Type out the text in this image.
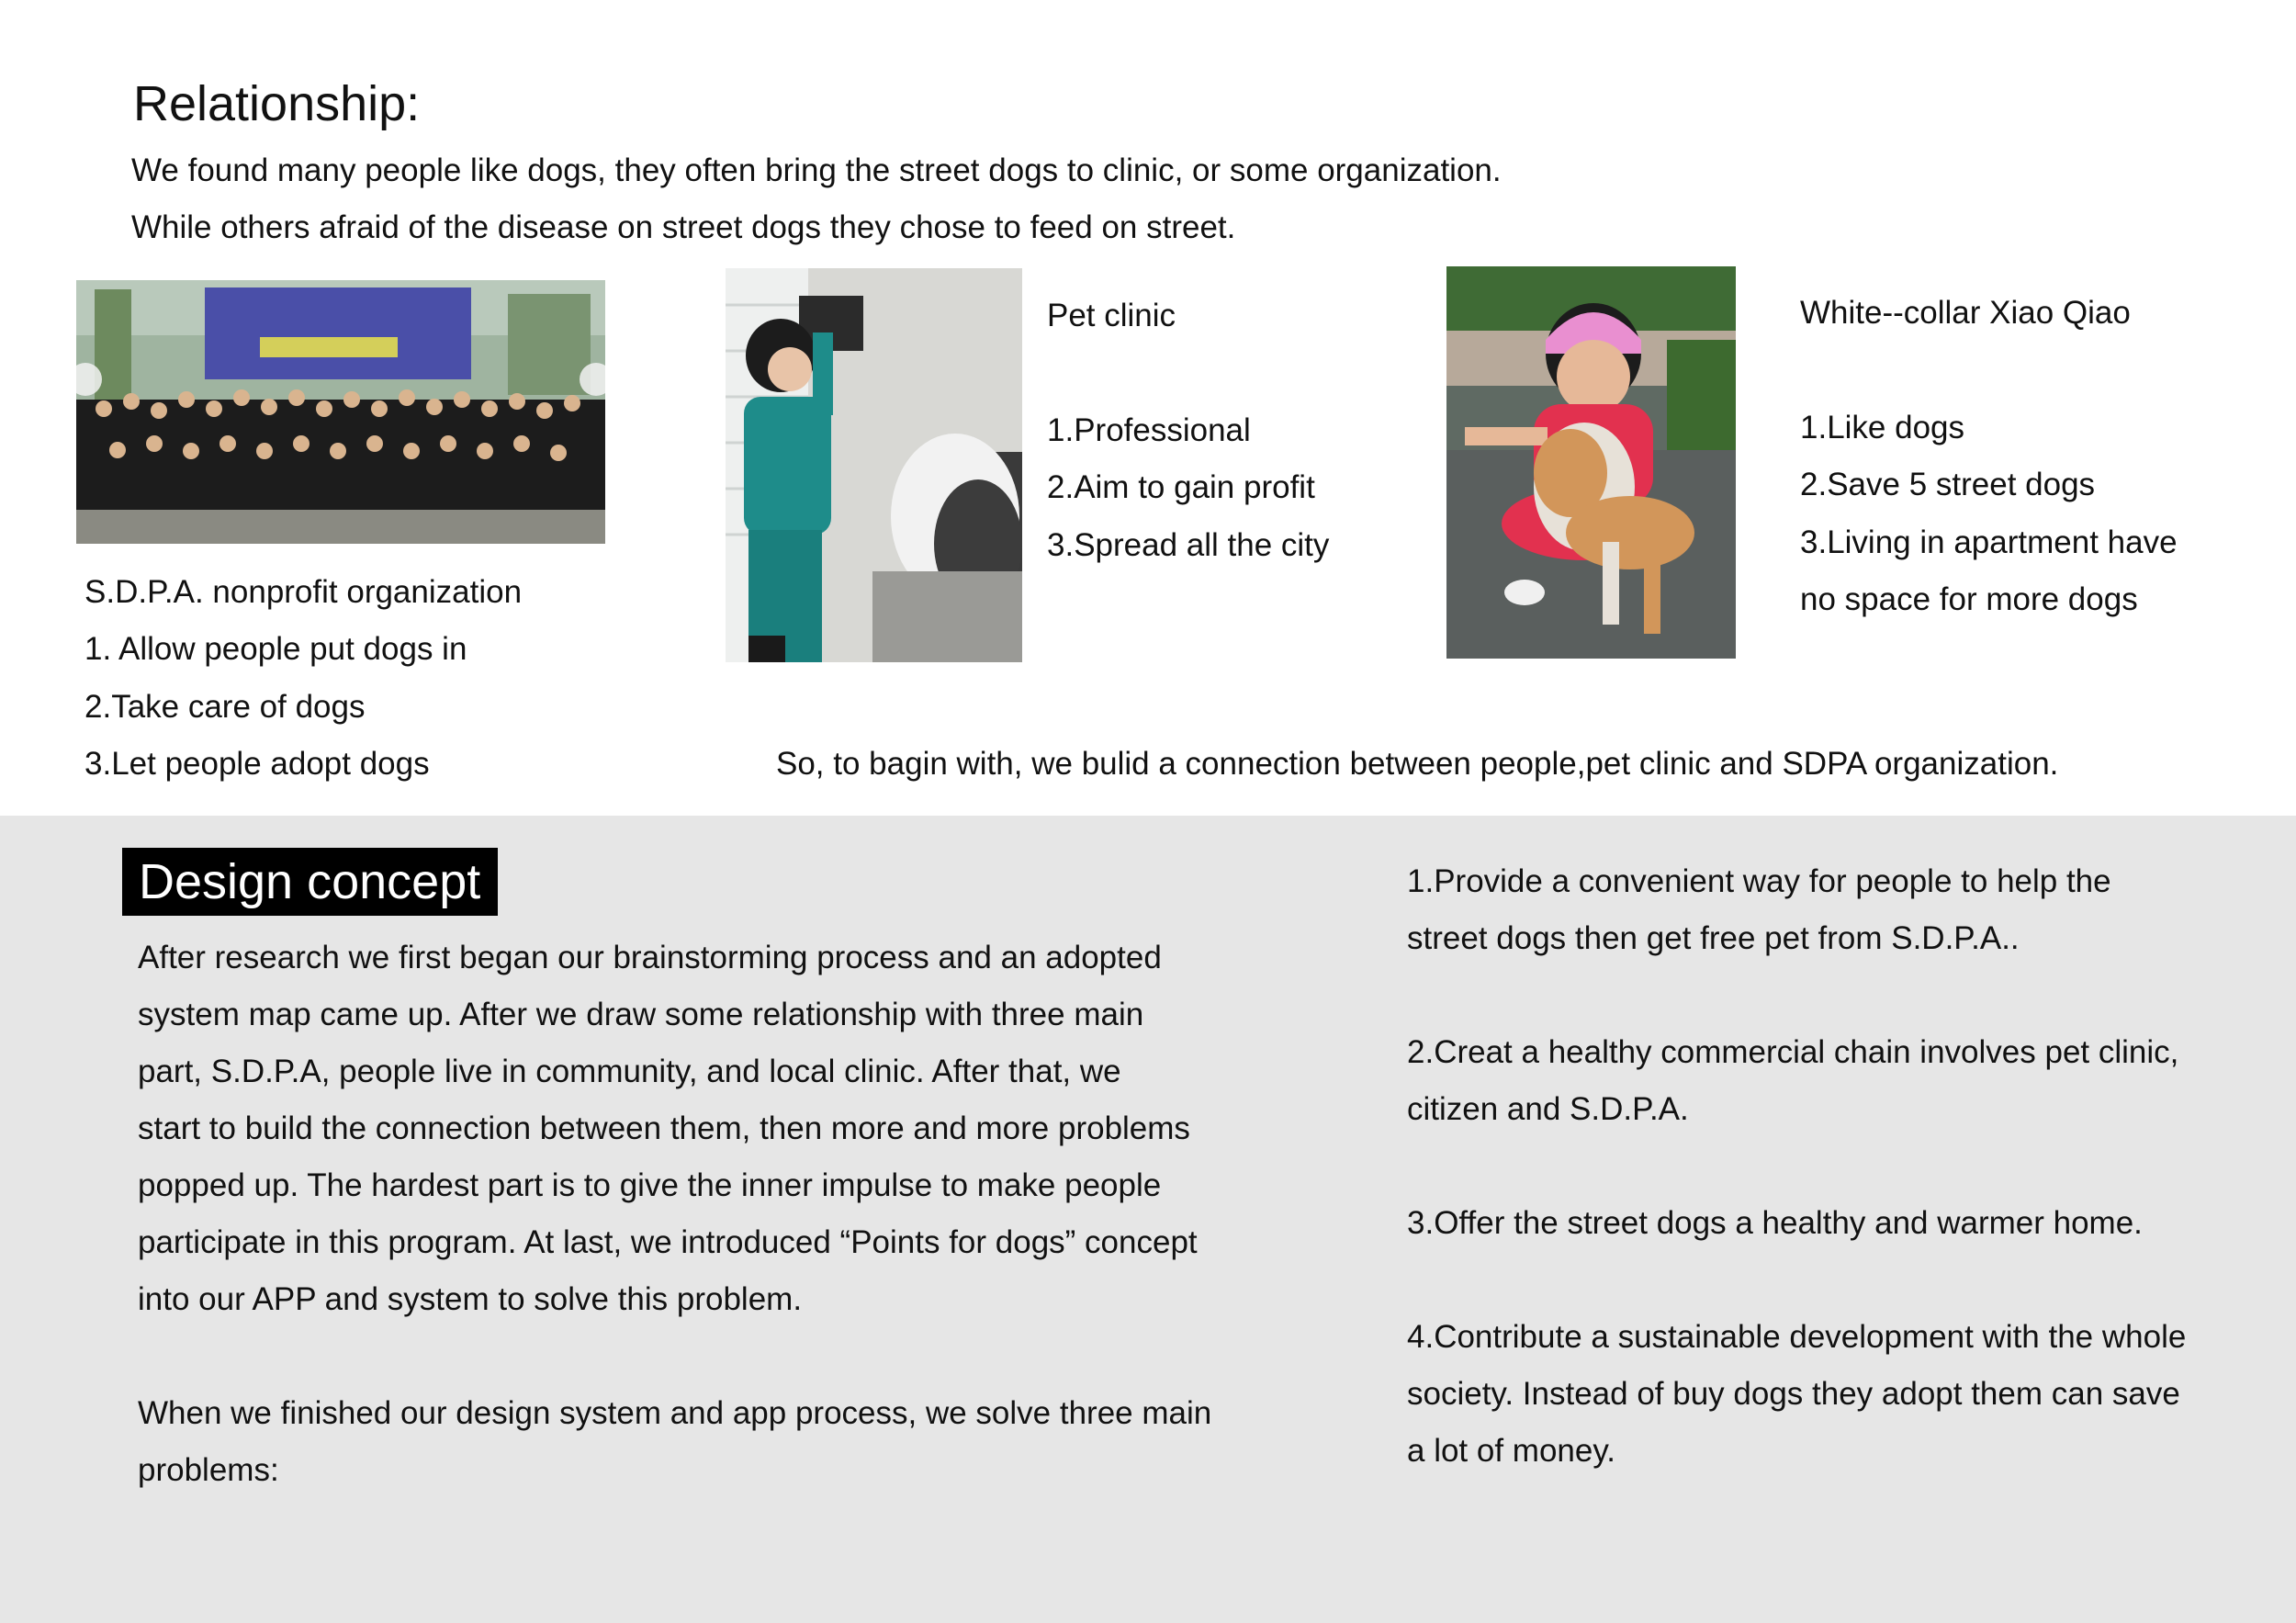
Relationship:
We found many people like dogs, they often bring the street dogs to clinic, or some organization.
While others afraid of the disease on street dogs they chose to feed on street.
S.D.P.A. nonprofit organization
1. Allow people put dogs in
2.Take care of dogs
3.Let people adopt dogs
Pet clinic
1.Professional
2.Aim to gain profit
3.Spread all the city
White--collar Xiao Qiao
1.Like dogs
2.Save 5 street dogs
3.Living in apartment have
no space for more dogs
So, to bagin with, we bulid a connection between people,pet clinic and SDPA organization.
Design concept
After research we first began our brainstorming process and an adopted
system map came up. After we draw some relationship with three main
part, S.D.P.A, people live in community, and local clinic. After that, we
start to build the connection between them, then more and more problems
popped up. The hardest part is to give the inner impulse to make people
participate in this program. At last, we introduced “Points for dogs” concept
into our APP and system to solve this problem.
When we finished our design system and app process, we solve three main
problems:
1.Provide a convenient way for people to help the
street dogs then get free pet from S.D.P.A..
2.Creat a healthy commercial chain involves pet clinic,
citizen and S.D.P.A.
3.Offer the street dogs a healthy and warmer home.
4.Contribute a sustainable development with the whole
society. Instead of buy dogs they adopt them can save
a lot of money.
